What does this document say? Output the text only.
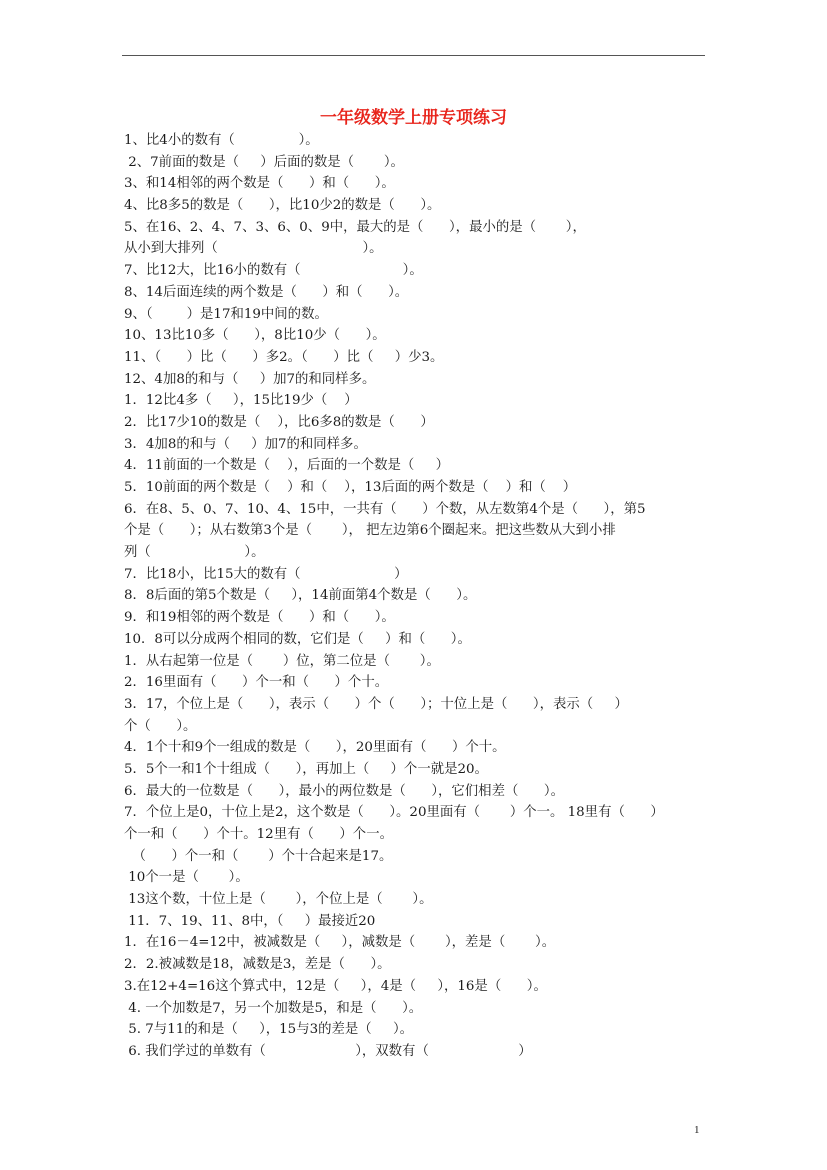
一年级数学上册专项练习
1、比4小的数有（               ）。
2、7前面的数是（     ）后面的数是（       ）。
3、和14相邻的两个数是（      ）和（      ）。
4、比8多5的数是（      ），比10少2的数是（      ）。
5、在16、2、4、7、3、6、0、9中，最大的是（      ），最小的是（       ），
从小到大排列（                                  ）。
7、比12大，比16小的数有（                        ）。
8、14后面连续的两个数是（      ）和（      ）。
9、（        ）是17和19中间的数。
10、13比10多（      ），8比10少（      ）。
11、（      ）比（      ）多2。（      ）比（     ）少3。
12、4加8的和与（     ）加7的和同样多。
1．12比4多（     ），15比19少（    ）
2．比17少10的数是（    ），比6多8的数是（      ）
3．4加8的和与（     ）加7的和同样多。
4．11前面的一个数是（    ），后面的一个数是（     ）
5．10前面的两个数是（    ）和（    ），13后面的两个数是（    ）和（    ）
6．在8、5、0、7、10、4、15中，一共有（      ）个数，从左数第4个是（      ），第5
个是（      ）；从右数第3个是（       ）， 把左边第6个圈起来。把这些数从大到小排
列（                      ）。
7．比18小，比15大的数有（                      ）
8．8后面的第5个数是（     ），14前面第4个数是（      ）。
9．和19相邻的两个数是（      ）和（      ）。
10．8可以分成两个相同的数，它们是（     ）和（      ）。
1．从右起第一位是（       ）位，第二位是（       ）。
2．16里面有（      ）个一和（      ）个十。
3．17，个位上是（      ），表示（      ）个（      ）；十位上是（      ），表示（     ）
个（      ）。
4．1个十和9个一组成的数是（      ），20里面有（      ）个十。
5．5个一和1个十组成（      ），再加上（     ）个一就是20。
6．最大的一位数是（      ），最小的两位数是（      ），它们相差（      ）。
7．个位上是0，十位上是2，这个数是（      ）。20里面有（       ）个一。 18里有（      ）
个一和（      ）个十。12里有（      ）个一。
（      ）个一和（       ）个十合起来是17。
10个一是（       ）。
13这个数，十位上是（       ），个位上是（       ）。
11．7、19、11、8中，（     ）最接近20
1．在16－4=12中，被减数是（     ），减数是（       ），差是（       ）。
2．2.被减数是18，减数是3，差是（      ）。
3.在12+4=16这个算式中，12是（     ），4是（     ），16是（      ）。
4. 一个加数是7，另一个加数是5，和是（      ）。
5. 7与11的和是（     ），15与3的差是（     ）。
6. 我们学过的单数有（                     ），双数有（                     ）
1
